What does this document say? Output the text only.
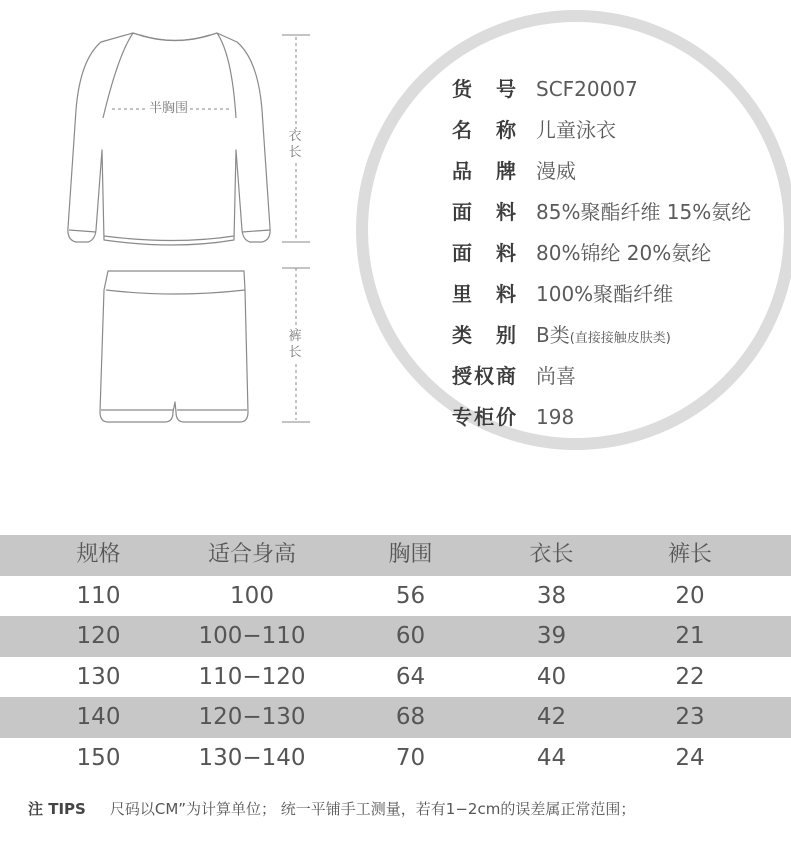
半胸围
衣长
裤长
货号 SCF20007
名称 儿童泳衣
品牌 漫威
面料 85%聚酯纤维 15%氨纶
面料 80%锦纶 20%氨纶
里料 100%聚酯纤维
类别 B类(直接接触皮肤类)
授权商 尚喜
专柜价 198
规格	适合身高	胸围	衣长	裤长
110	100	56	38	20
120	100−110	60	39	21
130	110−120	64	40	22
140	120−130	68	42	23
150	130−140	70	44	24
注 TIPS 尺码以CM”为计算单位； 统一平铺手工测量，若有1−2cm的误差属正常范围；
